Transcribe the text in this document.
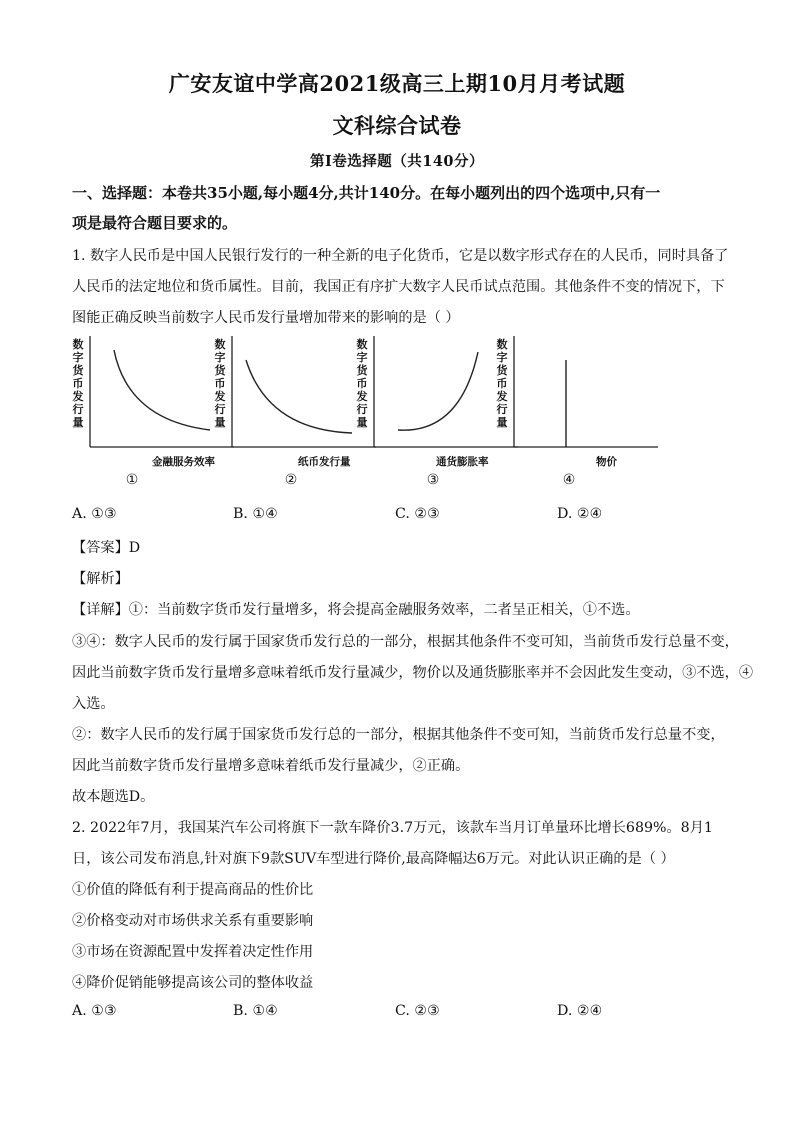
广安友谊中学高2021级高三上期10月月考试题
文科综合试卷
第Ⅰ卷选择题（共140分）
一、选择题：本卷共35小题,每小题4分,共计140分。在每小题列出的四个选项中,只有一
项是最符合题目要求的。
1. 数字人民币是中国人民银行发行的一种全新的电子化货币，它是以数字形式存在的人民币，同时具备了
人民币的法定地位和货币属性。目前，我国正有序扩大数字人民币试点范围。其他条件不变的情况下，下
图能正确反映当前数字人民币发行量增加带来的影响的是（ ）
数字货币发行量
金融服务效率
①
数字货币发行量
纸币发行量
②
数字货币发行量
通货膨胀率
③
数字货币发行量
物价
④
A. ①③	B. ①④	C. ②③	D. ②④
【答案】D
【解析】
【详解】①：当前数字货币发行量增多，将会提高金融服务效率，二者呈正相关，①不选。
③④：数字人民币的发行属于国家货币发行总的一部分，根据其他条件不变可知，当前货币发行总量不变，
因此当前数字货币发行量增多意味着纸币发行量减少，物价以及通货膨胀率并不会因此发生变动，③不选，④
入选。
②：数字人民币的发行属于国家货币发行总的一部分，根据其他条件不变可知，当前货币发行总量不变，
因此当前数字货币发行量增多意味着纸币发行量减少，②正确。
故本题选D。
2. 2022年7月，我国某汽车公司将旗下一款车降价3.7万元，该款车当月订单量环比增长689%。8月1
日，该公司发布消息,针对旗下9款SUV车型进行降价,最高降幅达6万元。对此认识正确的是（ ）
①价值的降低有利于提高商品的性价比
②价格变动对市场供求关系有重要影响
③市场在资源配置中发挥着决定性作用
④降价促销能够提高该公司的整体收益
A. ①③	B. ①④	C. ②③	D. ②④
